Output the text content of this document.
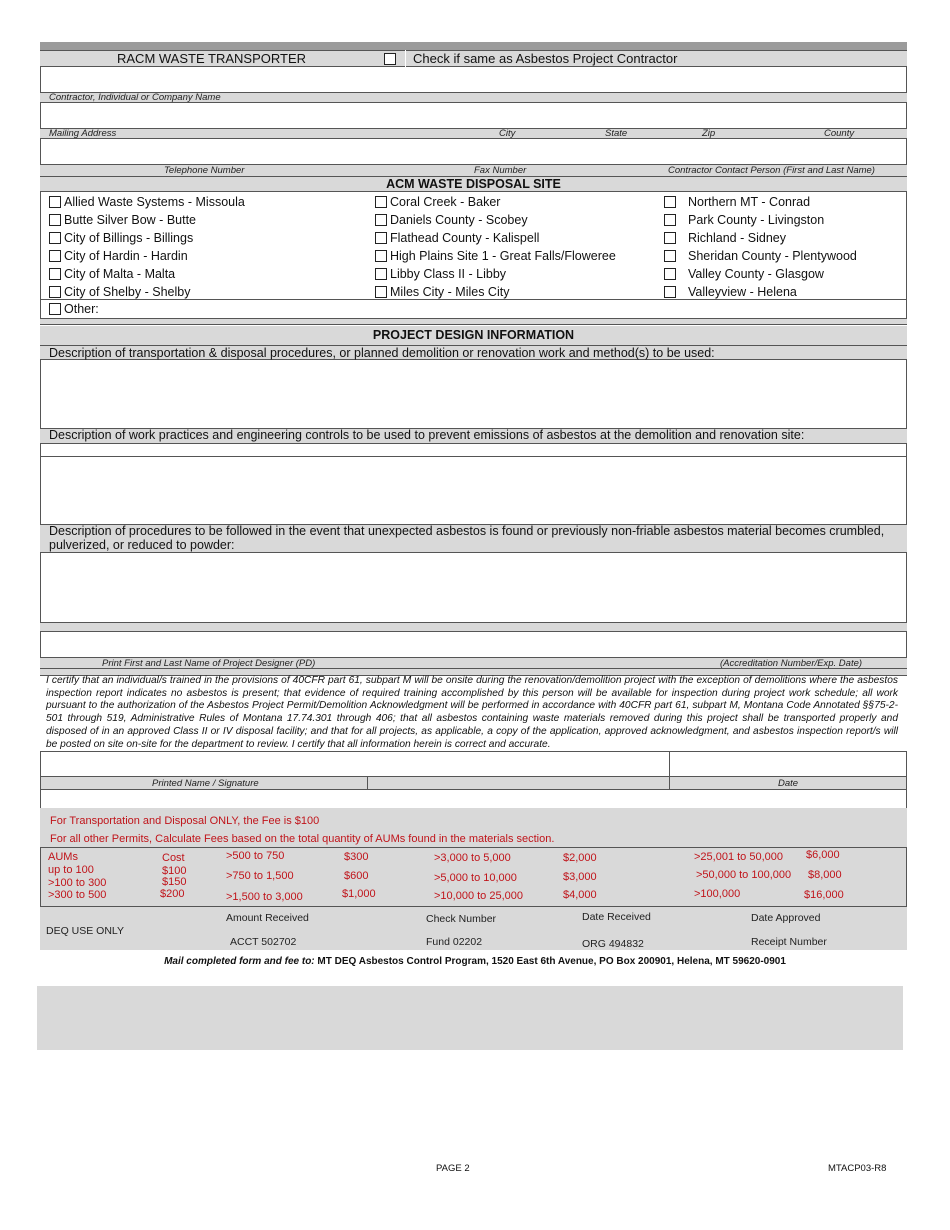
RACM WASTE TRANSPORTER	Check if same as Asbestos Project Contractor
Contractor, Individual or Company Name
Mailing Address	City	State	Zip	County
Telephone Number	Fax Number	Contractor Contact Person (First and Last Name)
ACM WASTE DISPOSAL SITE
Allied Waste Systems - Missoula
Butte Silver Bow - Butte
City of Billings - Billings
City of Hardin - Hardin
City of Malta - Malta
City of Shelby - Shelby
Coral Creek - Baker
Daniels County - Scobey
Flathead County - Kalispell
High Plains Site 1 - Great Falls/Floweree
Libby Class II - Libby
Miles City - Miles City
Northern MT - Conrad
Park County - Livingston
Richland - Sidney
Sheridan County - Plentywood
Valley County - Glasgow
Valleyview - Helena
Other:
PROJECT DESIGN INFORMATION
Description of transportation & disposal procedures, or planned demolition or renovation work and method(s) to be used:
Description of work practices and engineering controls to be used to prevent emissions of asbestos at the demolition and renovation site:
Description of procedures to be followed in the event that unexpected asbestos is found or previously non-friable asbestos material becomes crumbled, pulverized, or reduced to powder:
Print First and Last Name of Project Designer (PD)	(Accreditation Number/Exp. Date)
I certify that an individual/s trained in the provisions of 40CFR part 61, subpart M will be onsite during the renovation/demolition project with the exception of demolitions where the asbestos inspection report indicates no asbestos is present; that evidence of required training accomplished by this person will be available for inspection during project work schedule; all work pursuant to the authorization of the Asbestos Project Permit/Demolition Acknowledgment will be performed in accordance with 40CFR part 61, subpart M, Montana Code Annotated §§75-2-501 through 519, Administrative Rules of Montana 17.74.301 through 406; that all asbestos containing waste materials removed during this project shall be transported properly and disposed of in an approved Class II or IV disposal facility; and that for all projects, as applicable, a copy of the application, approved acknowledgment, and asbestos inspection report/s will be posted on site on-site for the department to review. I certify that all information herein is correct and accurate.
Printed Name / Signature	Date
For Transportation and Disposal ONLY, the Fee is $100
For all other Permits, Calculate Fees based on the total quantity of AUMs found in the materials section.
AUMs	Cost
up to 100	$100
>100 to 300	$150
>300 to 500	$200
>500 to 750	$300
>750 to 1,500	$600
>1,500 to 3,000	$1,000
>3,000 to 5,000	$2,000
>5,000 to 10,000	$3,000
>10,000 to 25,000	$4,000
>25,001 to 50,000 $6,000
>50,000 to 100,000 $8,000
>100,000	$16,000
DEQ USE ONLY
Amount Received	Check Number	Date Received	Date Approved
ACCT 502702	Fund 02202	ORG 494832	Receipt Number
Mail completed form and fee to: MT DEQ Asbestos Control Program, 1520 East 6th Avenue, PO Box 200901, Helena, MT 59620-0901
PAGE 2	MTACP03-R8
